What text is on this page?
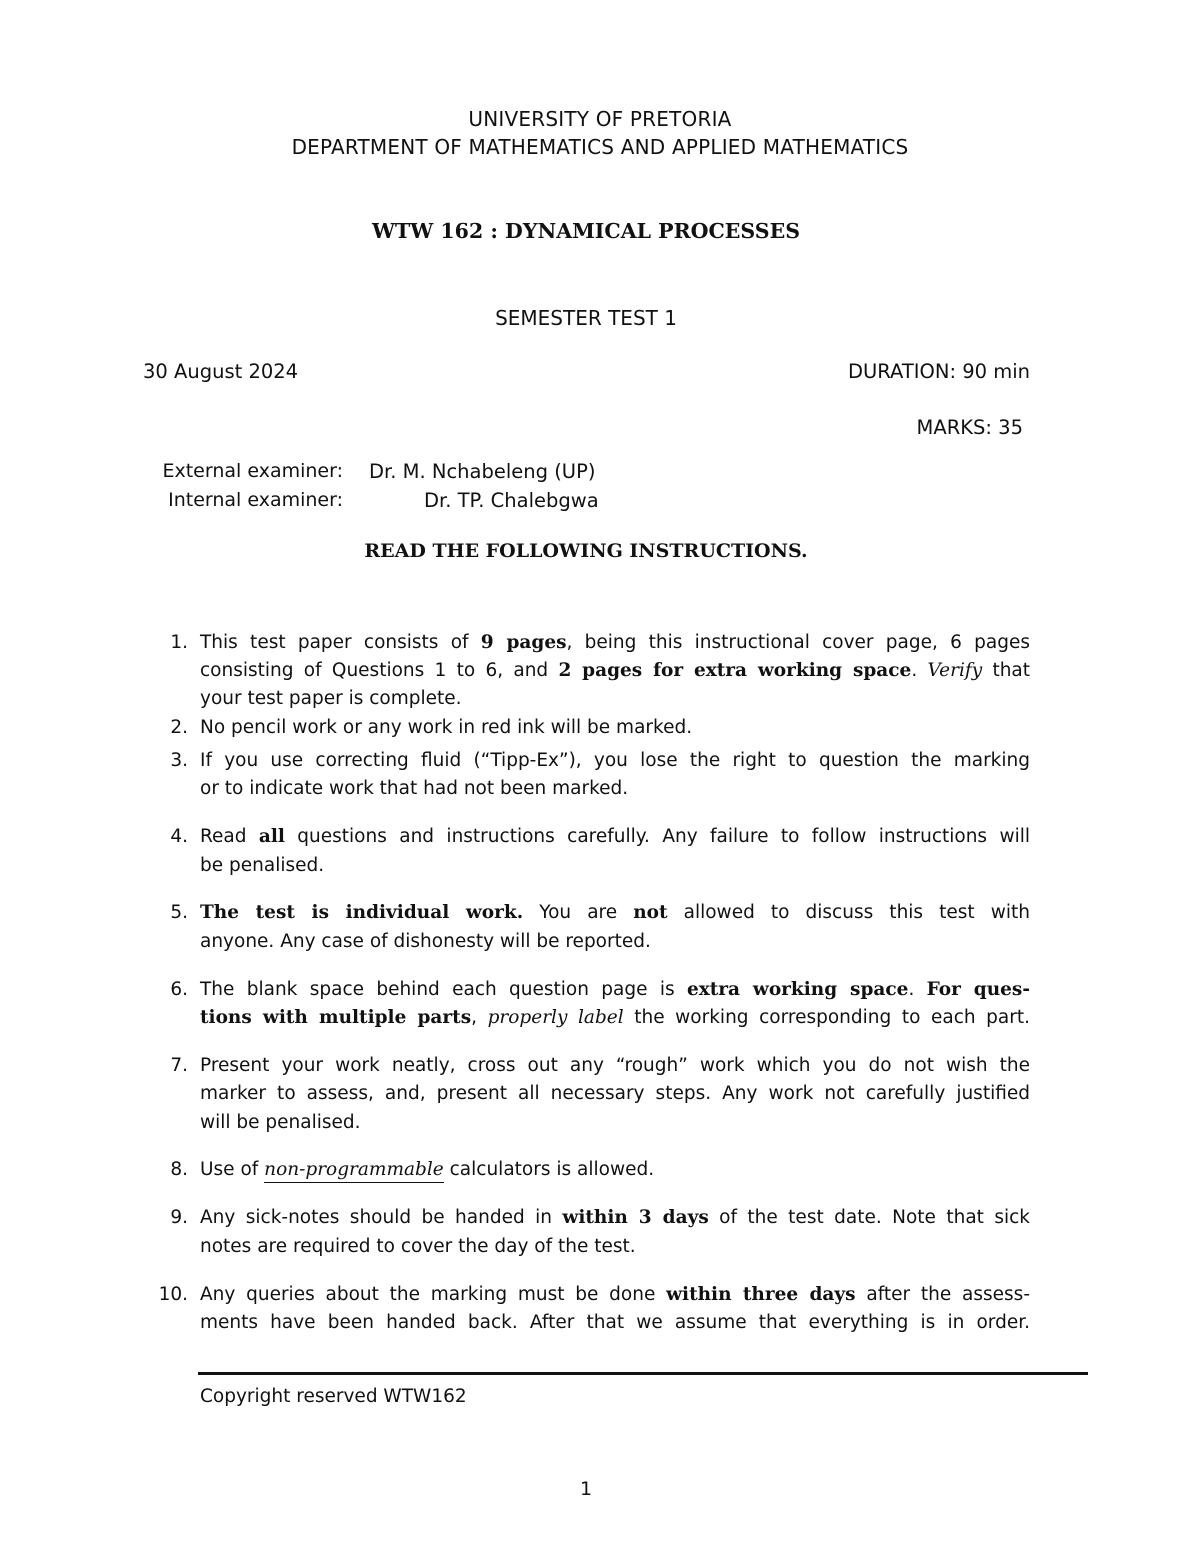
UNIVERSITY OF PRETORIA
DEPARTMENT OF MATHEMATICS AND APPLIED MATHEMATICS
WTW 162 : DYNAMICAL PROCESSES
SEMESTER TEST 1
30 August 2024	DURATION: 90 min
MARKS: 35
External examiner: Dr. M. Nchabeleng (UP)
Internal examiner:	Dr. TP. Chalebgwa
READ THE FOLLOWING INSTRUCTIONS.
1. This test paper consists of 9 pages, being this instructional cover page, 6 pages
consisting of Questions 1 to 6, and 2 pages for extra working space. Verify that
your test paper is complete.
2. No pencil work or any work in red ink will be marked.
3. If you use correcting fluid (“Tipp-Ex”), you lose the right to question the marking
or to indicate work that had not been marked.
4. Read all questions and instructions carefully. Any failure to follow instructions will
be penalised.
5. The test is individual work. You are not allowed to discuss this test with
anyone. Any case of dishonesty will be reported.
6. The blank space behind each question page is extra working space. For ques-
tions with multiple parts, properly label the working corresponding to each part.
7. Present your work neatly, cross out any “rough” work which you do not wish the
marker to assess, and, present all necessary steps. Any work not carefully justified
will be penalised.
8. Use of non-programmable calculators is allowed.
9. Any sick-notes should be handed in within 3 days of the test date. Note that sick
notes are required to cover the day of the test.
10. Any queries about the marking must be done within three days after the assess-
ments have been handed back. After that we assume that everything is in order.
Copyright reserved WTW162
1
